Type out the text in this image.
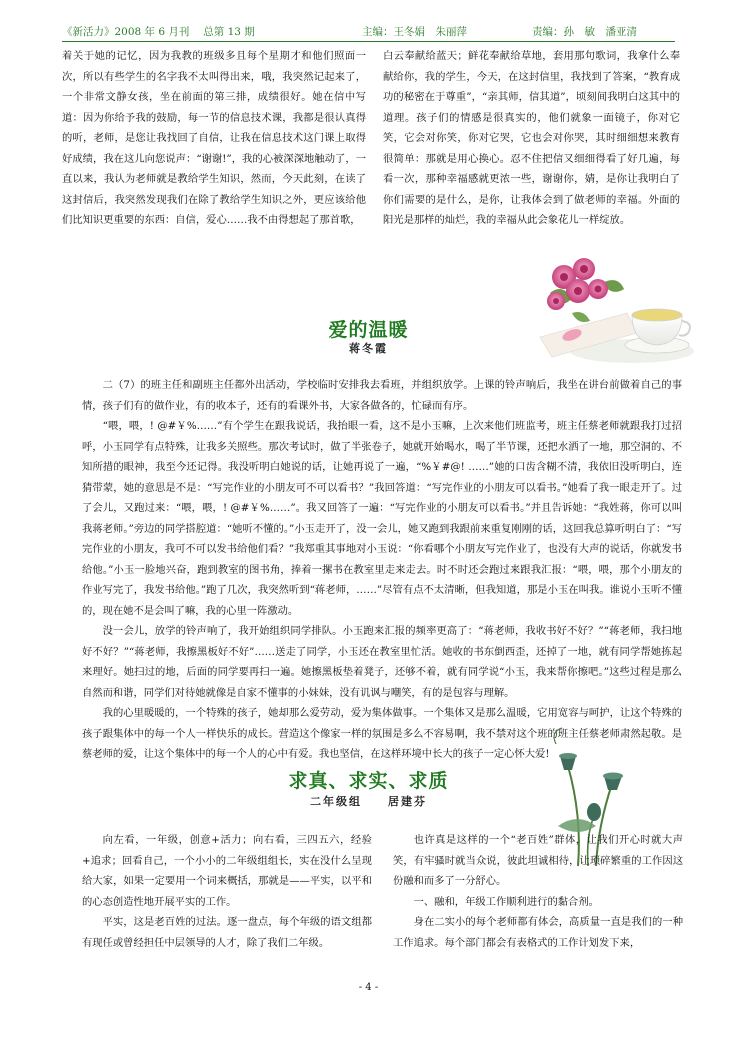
《新活力》2008 年 6 月刊　 总第 13 期	主编：王冬娟　朱丽萍	责编：孙　敏　潘亚清

着关于她的记忆，因为我教的班级多且每个星期才和他们照面一次，所以有些学生的名字我不太叫得出来，哦，我突然记起来了，一个非常文静女孩，坐在前面的第三排，成绩很好。她在信中写道：因为你给予我的鼓励，每一节的信息技术课，我都是很认真得的听，老师，是您让我找回了自信，让我在信息技术这门课上取得好成绩，我在这儿向您说声：“谢谢!”，我的心被深深地触动了，一直以来，我认为老师就是教给学生知识，然而，今天此刻，在读了这封信后，我突然发现我们在除了教给学生知识之外，更应该给他们比知识更重要的东西：自信，爱心……我不由得想起了那首歌，

白云奉献给蓝天；鲜花奉献给草地，套用那句歌词，我拿什么奉献给你，我的学生，今天，在这封信里，我找到了答案，“教育成功的秘密在于尊重”，“亲其师，信其道”，顷刻间我明白这其中的道理。孩子们的情感是很真实的，他们就象一面镜子，你对它笑，它会对你笑，你对它哭，它也会对你哭，其时细细想来教育很简单：那就是用心换心。忍不住把信又细细得看了好几遍，每看一次，那种幸福感就更浓一些，谢谢你，婧，是你让我明白了你们需要的是什么，是你，让我体会到了做老师的幸福。外面的阳光是那样的灿烂，我的幸福从此会象花儿一样绽放。

爱的温暖
蒋冬霞

二（7）的班主任和副班主任都外出活动，学校临时安排我去看班，并组织放学。上课的铃声响后，我坐在讲台前做着自己的事情，孩子们有的做作业，有的收本子，还有的看课外书，大家各做各的，忙碌而有序。

“喂，喂，! @#￥%……”有个学生在跟我说话，我抬眼一看，这不是小玉嘛，上次来他们班监考，班主任蔡老师就跟我打过招呼，小玉同学有点特殊，让我多关照些。那次考试时，做了半张卷子，她就开始喝水，喝了半节课，还把水洒了一地，那空洞的、不知所措的眼神，我至今还记得。我没听明白她说的话，让她再说了一遍，“%￥#@! ……”她的口齿含糊不清，我依旧没听明白，连猜带蒙，她的意思是不是：“写完作业的小朋友可不可以看书？”我回答道：“写完作业的小朋友可以看书。”她看了我一眼走开了。过了会儿，又跑过来：“喂，喂，! @#￥%……”。我又回答了一遍：“写完作业的小朋友可以看书。”并且告诉她：“我姓蒋，你可以叫我蒋老师。”旁边的同学搭腔道：“她听不懂的。”小玉走开了，没一会儿，她又跑到我跟前来重复刚刚的话，这回我总算听明白了：“写完作业的小朋友，我可不可以发书给他们看？”我郑重其事地对小玉说：“你看哪个小朋友写完作业了，也没有大声的说话，你就发书给他。”小玉一脸地兴奋，跑到教室的图书角，捧着一摞书在教室里走来走去。时不时还会跑过来跟我汇报：“喂，喂，那个小朋友的作业写完了，我发书给他。”跑了几次，我突然听到“蒋老师，……”尽管有点不太清晰，但我知道，那是小玉在叫我。谁说小玉听不懂的，现在她不是会叫了嘛，我的心里一阵激动。

没一会儿，放学的铃声响了，我开始组织同学排队。小玉跑来汇报的频率更高了：“蒋老师，我收书好不好？”“蒋老师，我扫地好不好？”“蒋老师，我擦黑板好不好”……送走了同学，小玉还在教室里忙活。她收的书东倒西歪，还掉了一地，就有同学帮她拣起来理好。她扫过的地，后面的同学要再扫一遍。她擦黑板垫着凳子，还够不着，就有同学说“小玉，我来帮你擦吧。”这些过程是那么自然而和谐，同学们对待她就像是自家不懂事的小妹妹，没有讥讽与嘲笑，有的是包容与理解。

我的心里暖暖的，一个特殊的孩子，她却那么爱劳动，爱为集体做事。一个集体又是那么温暖，它用宽容与呵护，让这个特殊的孩子跟集体中的每一个人一样快乐的成长。营造这个像家一样的氛围是多么不容易啊，我不禁对这个班的班主任蔡老师肃然起敬。是蔡老师的爱，让这个集体中的每一个人的心中有爱。我也坚信，在这样环境中长大的孩子一定心怀大爱!

求真、求实、求质
二年级组　　居建芬

向左看，一年级，创意+活力；向右看，三四五六，经验+追求；回看自己，一个小小的二年级组组长，实在没什么呈现给大家，如果一定要用一个词来概括，那就是——平实，以平和的心态创造性地开展平实的工作。

平实，这是老百姓的过法。逐一盘点，每个年级的语文组都有现任或曾经担任中层领导的人才，除了我们二年级。

也许真是这样的一个“老百姓”群体，让我们开心时就大声笑，有牢骚时就当众说，彼此坦诚相待，让琐碎繁重的工作因这份融和而多了一分舒心。

一、融和，年级工作顺利进行的黏合剂。

身在二实小的每个老师都有体会，高质量一直是我们的一种工作追求。每个部门都会有表格式的工作计划发下来，

- 4 -
